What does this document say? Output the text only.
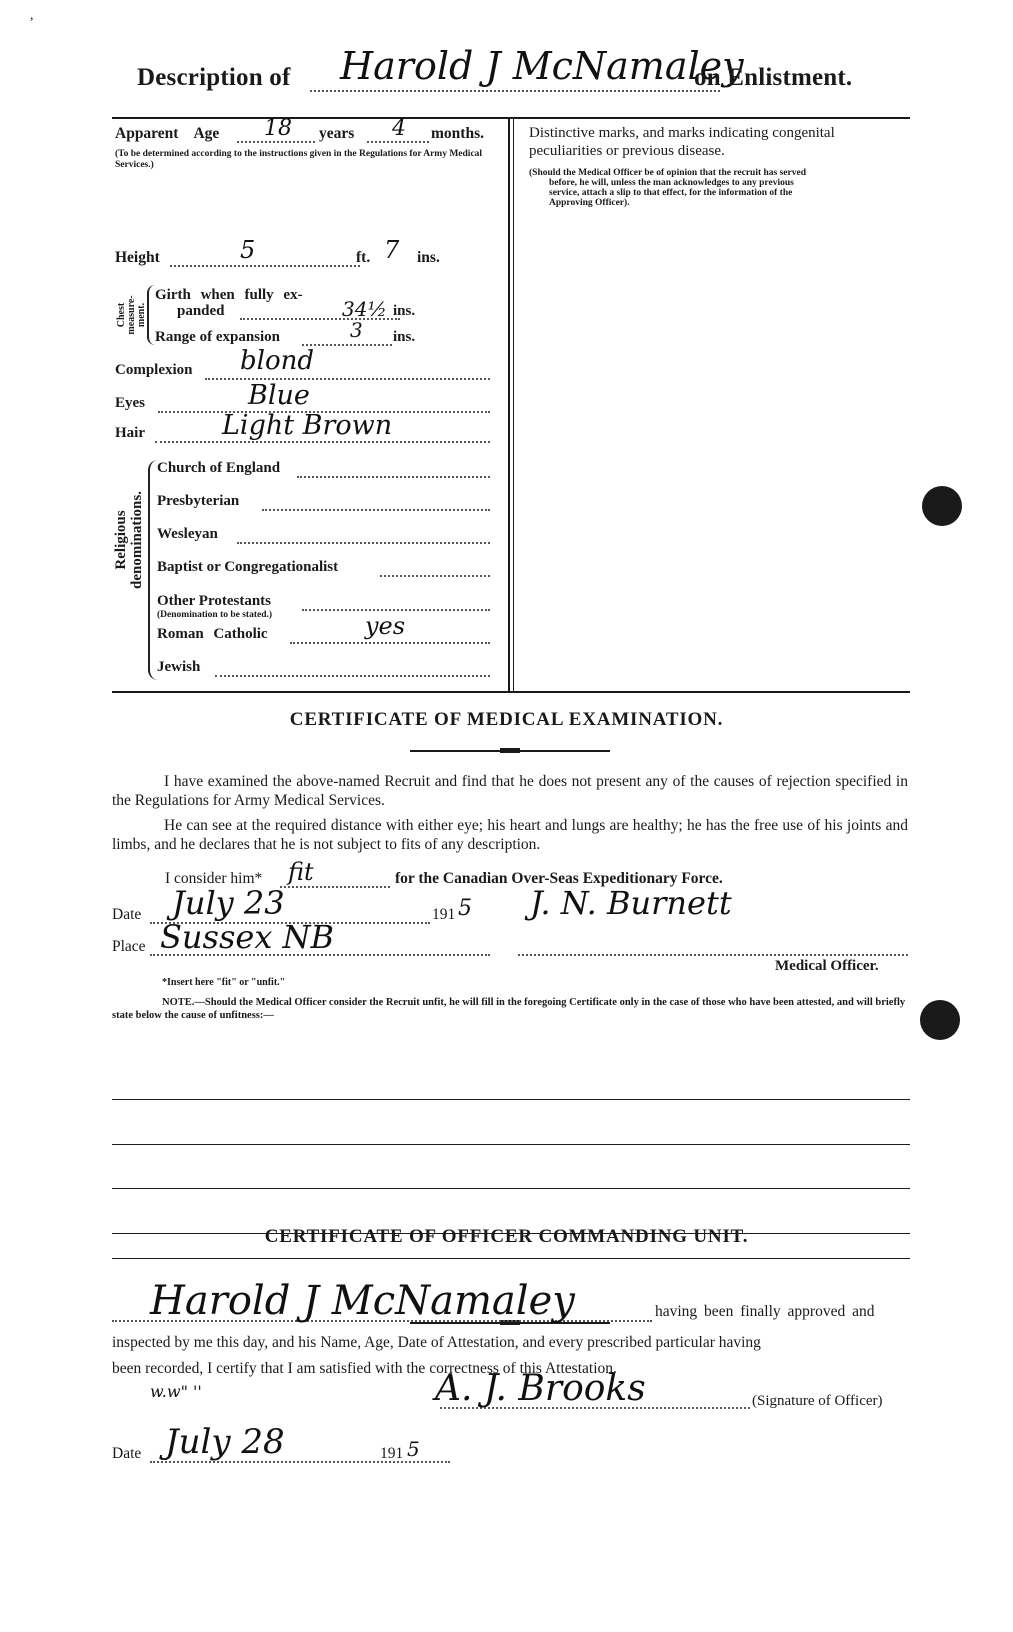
,
Description of Harold J McNamaley
on Enlistment.
Apparent Age 18 years 4 months.
(To be determined according to the instructions given in the Regulations for Army Medical Services.)
Distinctive marks, and marks indicating congenital
peculiarities or previous disease.
(Should the Medical Officer be of opinion that the recruit has served
before, he will, unless the man acknowledges to any previous
service, attach a slip to that effect, for the information of the
Approving Officer).
Height	5	ft. 7 ins.
Chest
measure-
ment.
Girth when fully ex-
panded	34½ ins.
Range of expansion	3 ins.
Complexion blond
Eyes	Blue
Hair	Light Brown
Religious
denominations.
Church of England
Presbyterian
Wesleyan
Baptist or Congregationalist
Other Protestants
(Denomination to be stated.)
Roman Catholic	yes
Jewish
CERTIFICATE OF MEDICAL EXAMINATION.
I have examined the above-named Recruit and find that he does not present any of the causes of rejection specified in the Regulations for Army Medical Services.
He can see at the required distance with either eye; his heart and lungs are healthy; he has the free use of his joints and limbs, and he declares that he is not subject to fits of any description.
I consider him* fit	for the Canadian Over-Seas Expeditionary Force.
Date July 23	191 5 J. N. Burnett
Place Sussex NB
Medical Officer.
*Insert here "fit" or "unfit."
NOTE.—Should the Medical Officer consider the Recruit unfit, he will fill in the foregoing Certificate only in the case of those who have been attested, and will briefly state below the cause of unfitness:—
CERTIFICATE OF OFFICER COMMANDING UNIT.
Harold J McNamaley	having been finally approved and
inspected by me this day, and his Name, Age, Date of Attestation, and every prescribed particular having
been recorded, I certify that I am satisfied with the correctness of this Attestation.
w.w" ''	A. J. Brooks	(Signature of Officer)
Date July 28	191 5
